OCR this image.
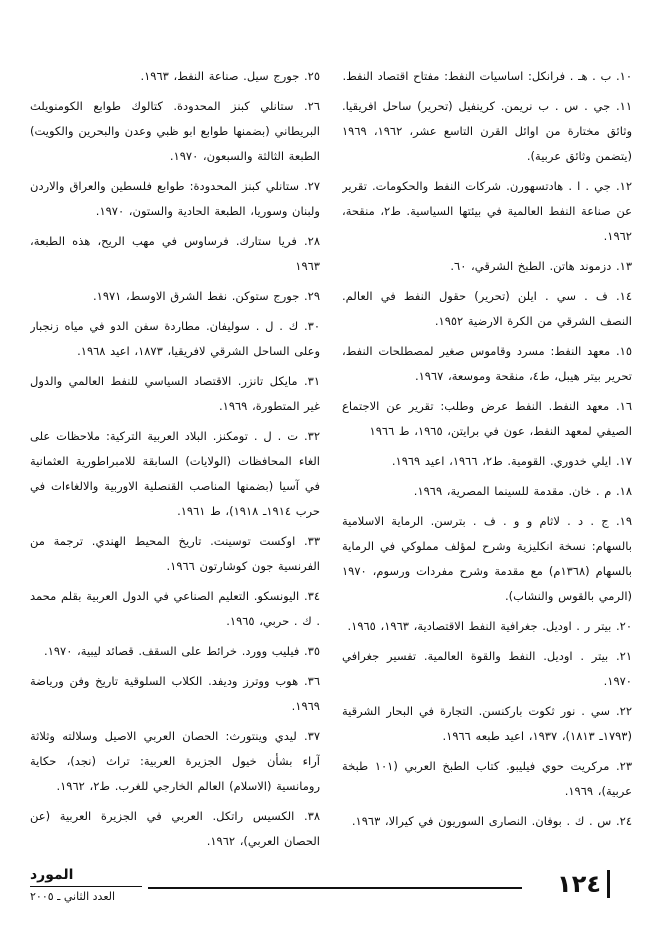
١٠. ب . هـ . فرانكل: اساسيات النفط: مفتاح اقتصاد النفط.

١١. جي . س . ب نريمن. كرينفيل (تحرير) ساحل افريقيا. وثائق مختارة من اوائل القرن التاسع عشر، ١٩٦٢، ١٩٦٩ (يتضمن وثائق عربية).

١٢. جي . ا . هادتسهورن. شركات النفط والحكومات. تقرير عن صناعة النفط العالمية في بيئتها السياسية. ط٢، منقحة، ١٩٦٢.

١٣. دزموند هاتن. الطبخ الشرقي، ٦٠.

١٤. ف . سي . ايلن (تحرير) حقول النفط في العالم. النصف الشرقي من الكرة الارضية ١٩٥٢.

١٥. معهد النفط: مسرد وقاموس صغير لمصطلحات النفط، تحرير بيتر هيبل، ط٤، منقحة وموسعة، ١٩٦٧.

١٦. معهد النفط. النفط عرض وطلب: تقرير عن الاجتماع الصيفي لمعهد النفط، عون في برايتن، ١٩٦٥، ط ١٩٦٦

١٧. ايلي خدوري. القومية. ط٢، ١٩٦٦، اعيد ١٩٦٩.

١٨. م . خان. مقدمة للسينما المصرية، ١٩٦٩.

١٩. ج . د . لاثام و و . ف . بترسن. الرماية الاسلامية بالسهام: نسخة انكليزية وشرح لمؤلف مملوكي في الرماية بالسهام (١٣٦٨م) مع مقدمة وشرح مفردات ورسوم، ١٩٧٠ (الرمي بالقوس والنشاب).

٢٠. بيتر ر . اوديل. جغرافية النفط الاقتصادية، ١٩٦٣، ١٩٦٥.

٢١. بيتر . اوديل. النفط والقوة العالمية. تفسير جغرافي ١٩٧٠.

٢٢. سي . نور ثكوت باركنسن. التجارة في البحار الشرقية (١٧٩٣ـ ١٨١٣)، ١٩٣٧، اعيد طبعه ١٩٦٦.

٢٣. مركريت حوي فيليبو. كتاب الطبخ العربي (١٠١ طبخة عربية)، ١٩٦٩.

٢٤. س . ك . بوفان. النصارى السوريون في كيرالا، ١٩٦٣.

٢٥. جورج سيل. صناعة النفط، ١٩٦٣.

٢٦. ستانلي كبنز المحدودة. كتالوك طوابع الكومنويلث البريطاني (بضمنها طوابع ابو ظبي وعدن والبحرين والكويت) الطبعة الثالثة والسبعون، ١٩٧٠.

٢٧. ستانلي كبنز المحدودة: طوابع فلسطين والعراق والاردن ولبنان وسوريا، الطبعة الحادية والستون، ١٩٧٠.

٢٨. فريا ستارك. فرساوس في مهب الريح، هذه الطبعة، ١٩٦٣

٢٩. جورج ستوكن. نفط الشرق الاوسط، ١٩٧١.

٣٠. ك . ل . سوليفان. مطاردة سفن الدو في مياه زنجبار وعلى الساحل الشرقي لافريقيا، ١٨٧٣، اعيد ١٩٦٨.

٣١. مايكل تانزر. الاقتصاد السياسي للنفط العالمي والدول غير المتطورة، ١٩٦٩.

٣٢. ت . ل . تومكنز. البلاد العربية التركية: ملاحظات على الغاء المحافظات (الولايات) السابقة للامبراطورية العثمانية في آسيا (بضمنها المناصب القنصلية الاوربية والالغاءات في حرب ١٩١٤ـ ١٩١٨)، ط ١٩٦١.

٣٣. اوكست توسينت. تاريخ المحيط الهندي. ترجمة من الفرنسية جون كوشارتون ١٩٦٦.

٣٤. اليونسكو. التعليم الصناعي في الدول العربية بقلم محمد . ك . حربي، ١٩٦٥.

٣٥. فيليب وورد. خرائط على السقف. قصائد ليبية، ١٩٧٠.

٣٦. هوب ووترز وديفد. الكلاب السلوقية تاريخ وفن ورياضة ١٩٦٩.

٣٧. ليدي وينتورث: الحصان العربي الاصيل وسلالته وثلاثة آراء بشأن خيول الجزيرة العربية: تراث (نجد)، حكاية رومانسية (الاسلام) العالم الخارجي للغرب. ط٢، ١٩٦٢.

٣٨. الكسيس راتكل. العربي في الجزيرة العربية (عن الحصان العربي)، ١٩٦٢.

١٢٤
المورد
العدد الثاني ـ ٢٠٠٥
